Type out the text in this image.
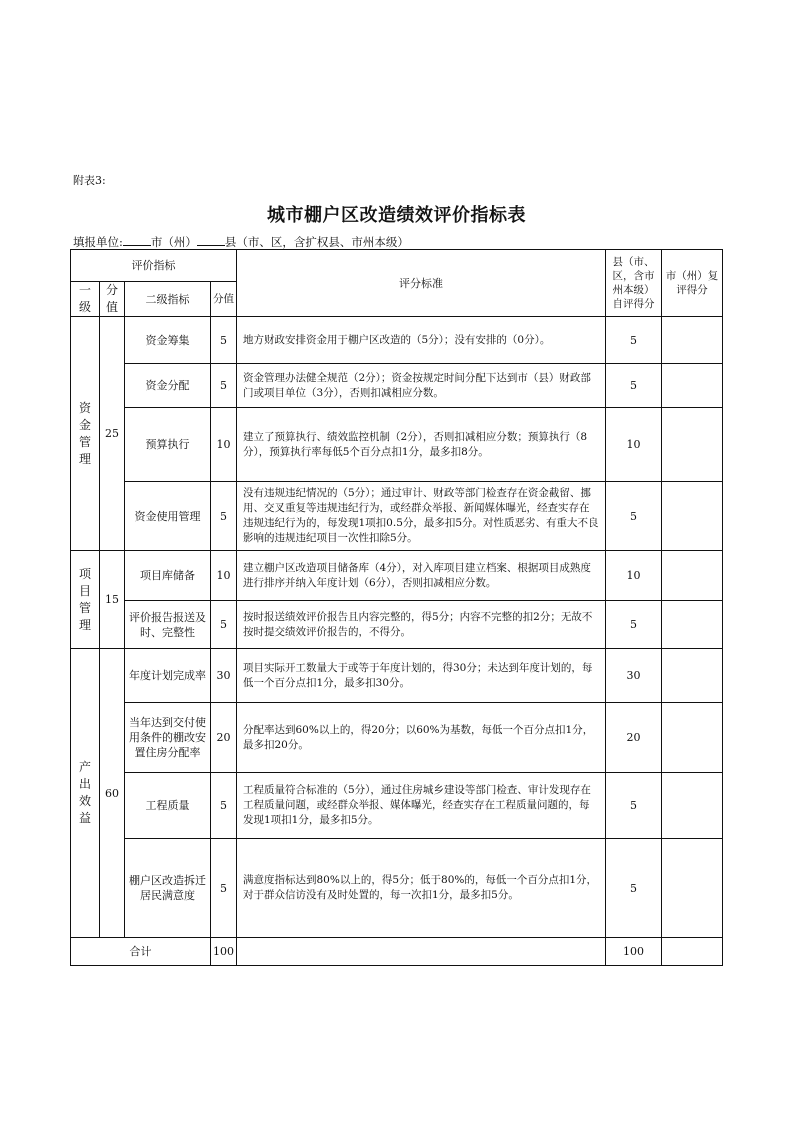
附表3:
城市棚户区改造绩效评价指标表
填报单位: 市（州） 县（市、区，含扩权县、市州本级）
评价指标				评分标准	县（市、区，含市州本级）自评得分	市（州）复评得分
一级	分值	二级指标	分值			
资金管理	25	资金筹集	5	地方财政安排资金用于棚户区改造的（5分）；没有安排的（0分）。	5	
		资金分配	5	资金管理办法健全规范（2分）；资金按规定时间分配下达到市（县）财政部门或项目单位（3分），否则扣减相应分数。	5	
		预算执行	10	建立了预算执行、绩效监控机制（2分），否则扣减相应分数；预算执行（8分），预算执行率每低5个百分点扣1分，最多扣8分。	10	
		资金使用管理	5	没有违规违纪情况的（5分）；通过审计、财政等部门检查存在资金截留、挪用、交叉重复等违规违纪行为，或经群众举报、新闻媒体曝光，经查实存在违规违纪行为的，每发现1项扣0.5分，最多扣5分。对性质恶劣、有重大不良影响的违规违纪项目一次性扣除5分。	5	
项目管理	15	项目库储备	10	建立棚户区改造项目储备库（4分），对入库项目建立档案、根据项目成熟度进行排序并纳入年度计划（6分），否则扣减相应分数。	10	
		评价报告报送及时、完整性	5	按时报送绩效评价报告且内容完整的，得5分；内容不完整的扣2分；无故不按时提交绩效评价报告的，不得分。	5	
产出效益	60	年度计划完成率	30	项目实际开工数量大于或等于年度计划的，得30分；未达到年度计划的，每低一个百分点扣1分，最多扣30分。	30	
		当年达到交付使用条件的棚改安置住房分配率	20	分配率达到60%以上的，得20分；以60%为基数，每低一个百分点扣1分，最多扣20分。	20	
		工程质量	5	工程质量符合标准的（5分），通过住房城乡建设等部门检查、审计发现存在工程质量问题，或经群众举报、媒体曝光，经查实存在工程质量问题的，每发现1项扣1分，最多扣5分。	5	
		棚户区改造拆迁居民满意度	5	满意度指标达到80%以上的，得5分；低于80%的，每低一个百分点扣1分，对于群众信访没有及时处置的，每一次扣1分，最多扣5分。	5	
合计			100		100	
